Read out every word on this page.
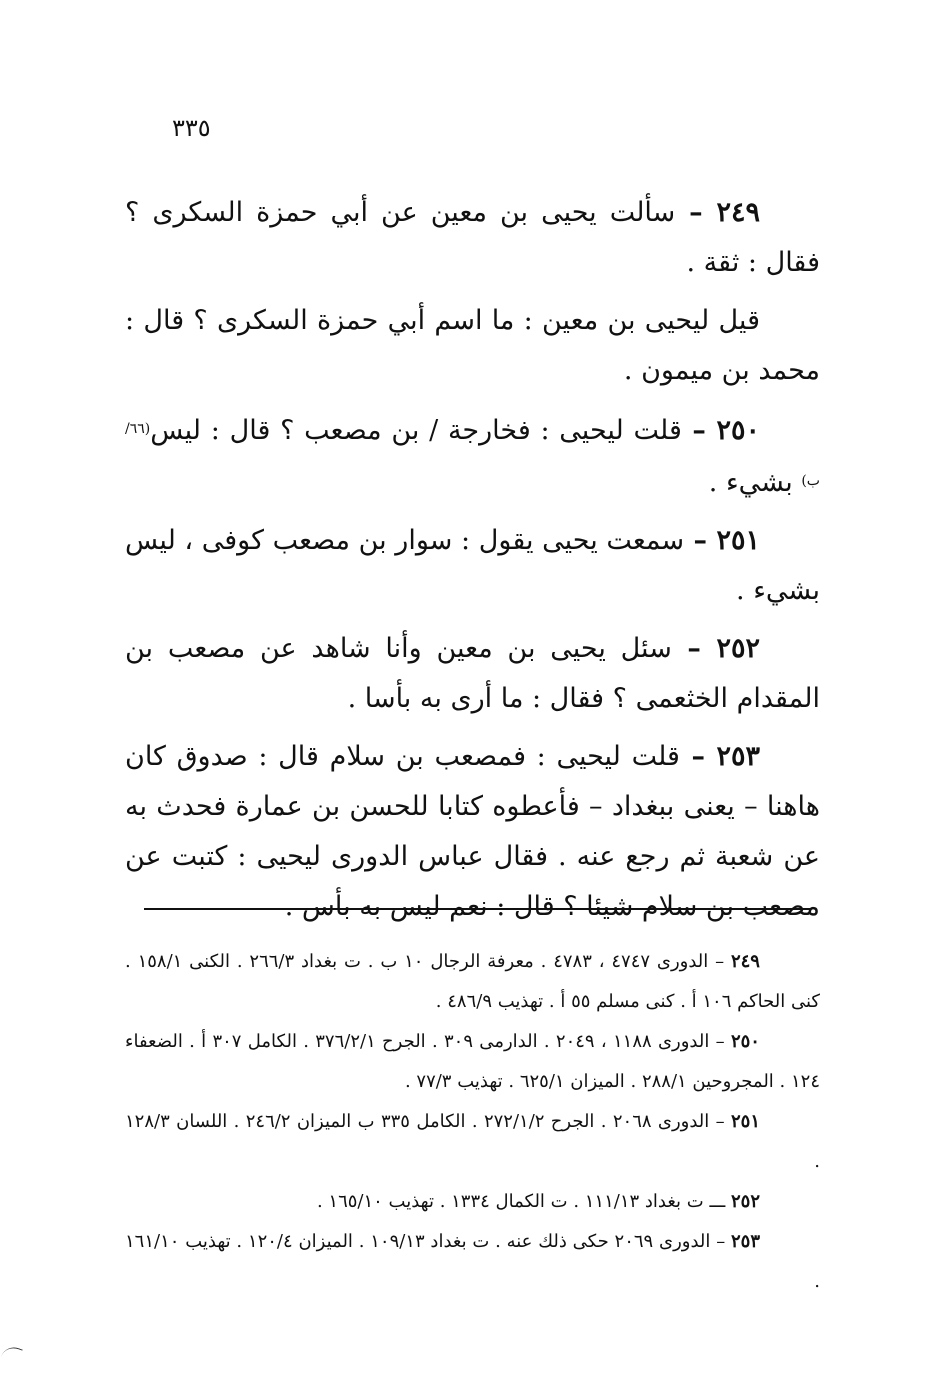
٣٣٥

٢٤٩ – سألت يحيى بن معين عن أبي حمزة السكرى ؟ فقال : ثقة .

قيل ليحيى بن معين : ما اسم أبي حمزة السكرى ؟ قال : محمد بن ميمون .

٢٥٠ – قلت ليحيى : فخارجة / بن مصعب ؟ قال : ليس$^{(٦٦/ب)}$ بشيء .

٢٥١ – سمعت يحيى يقول : سوار بن مصعب كوفى ، ليس بشيء .

٢٥٢ – سئل يحيى بن معين وأنا شاهد عن مصعب بن المقدام الخثعمى ؟ فقال : ما أرى به بأسا .

٢٥٣ – قلت ليحيى : فمصعب بن سلام قال : صدوق كان هاهنا – يعنى ببغداد – فأعطوه كتابا للحسن بن عمارة فحدث به عن شعبة ثم رجع عنه . فقال عباس الدورى ليحيى : كتبت عن مصعب بن سلام شيئا ؟ قال : نعم ليس به بأس .

٢٤٩ – الدورى ٤٧٤٧ ، ٤٧٨٣ . معرفة الرجال ١٠ ب . ت بغداد ٢٦٦/٣ . الكنى ١٥٨/١ . كنى الحاكم ١٠٦ أ . كنى مسلم ٥٥ أ . تهذيب ٤٨٦/٩ .

٢٥٠ – الدورى ١١٨٨ ، ٢٠٤٩ . الدارمى ٣٠٩ . الجرح ٣٧٦/٢/١ . الكامل ٣٠٧ أ . الضعفاء ١٢٤ . المجروحين ٢٨٨/١ . الميزان ٦٢٥/١ . تهذيب ٧٧/٣ .

٢٥١ – الدورى ٢٠٦٨ . الجرح ٢٧٢/١/٢ . الكامل ٣٣٥ ب الميزان ٢٤٦/٢ . اللسان ١٢٨/٣ .

٢٥٢ ـــ ت بغداد ١١١/١٣ . ت الكمال ١٣٣٤ . تهذيب ١٦٥/١٠ .

٢٥٣ – الدورى ٢٠٦٩ حكى ذلك عنه . ت بغداد ١٠٩/١٣ . الميزان ١٢٠/٤ . تهذيب ١٦١/١٠ .
